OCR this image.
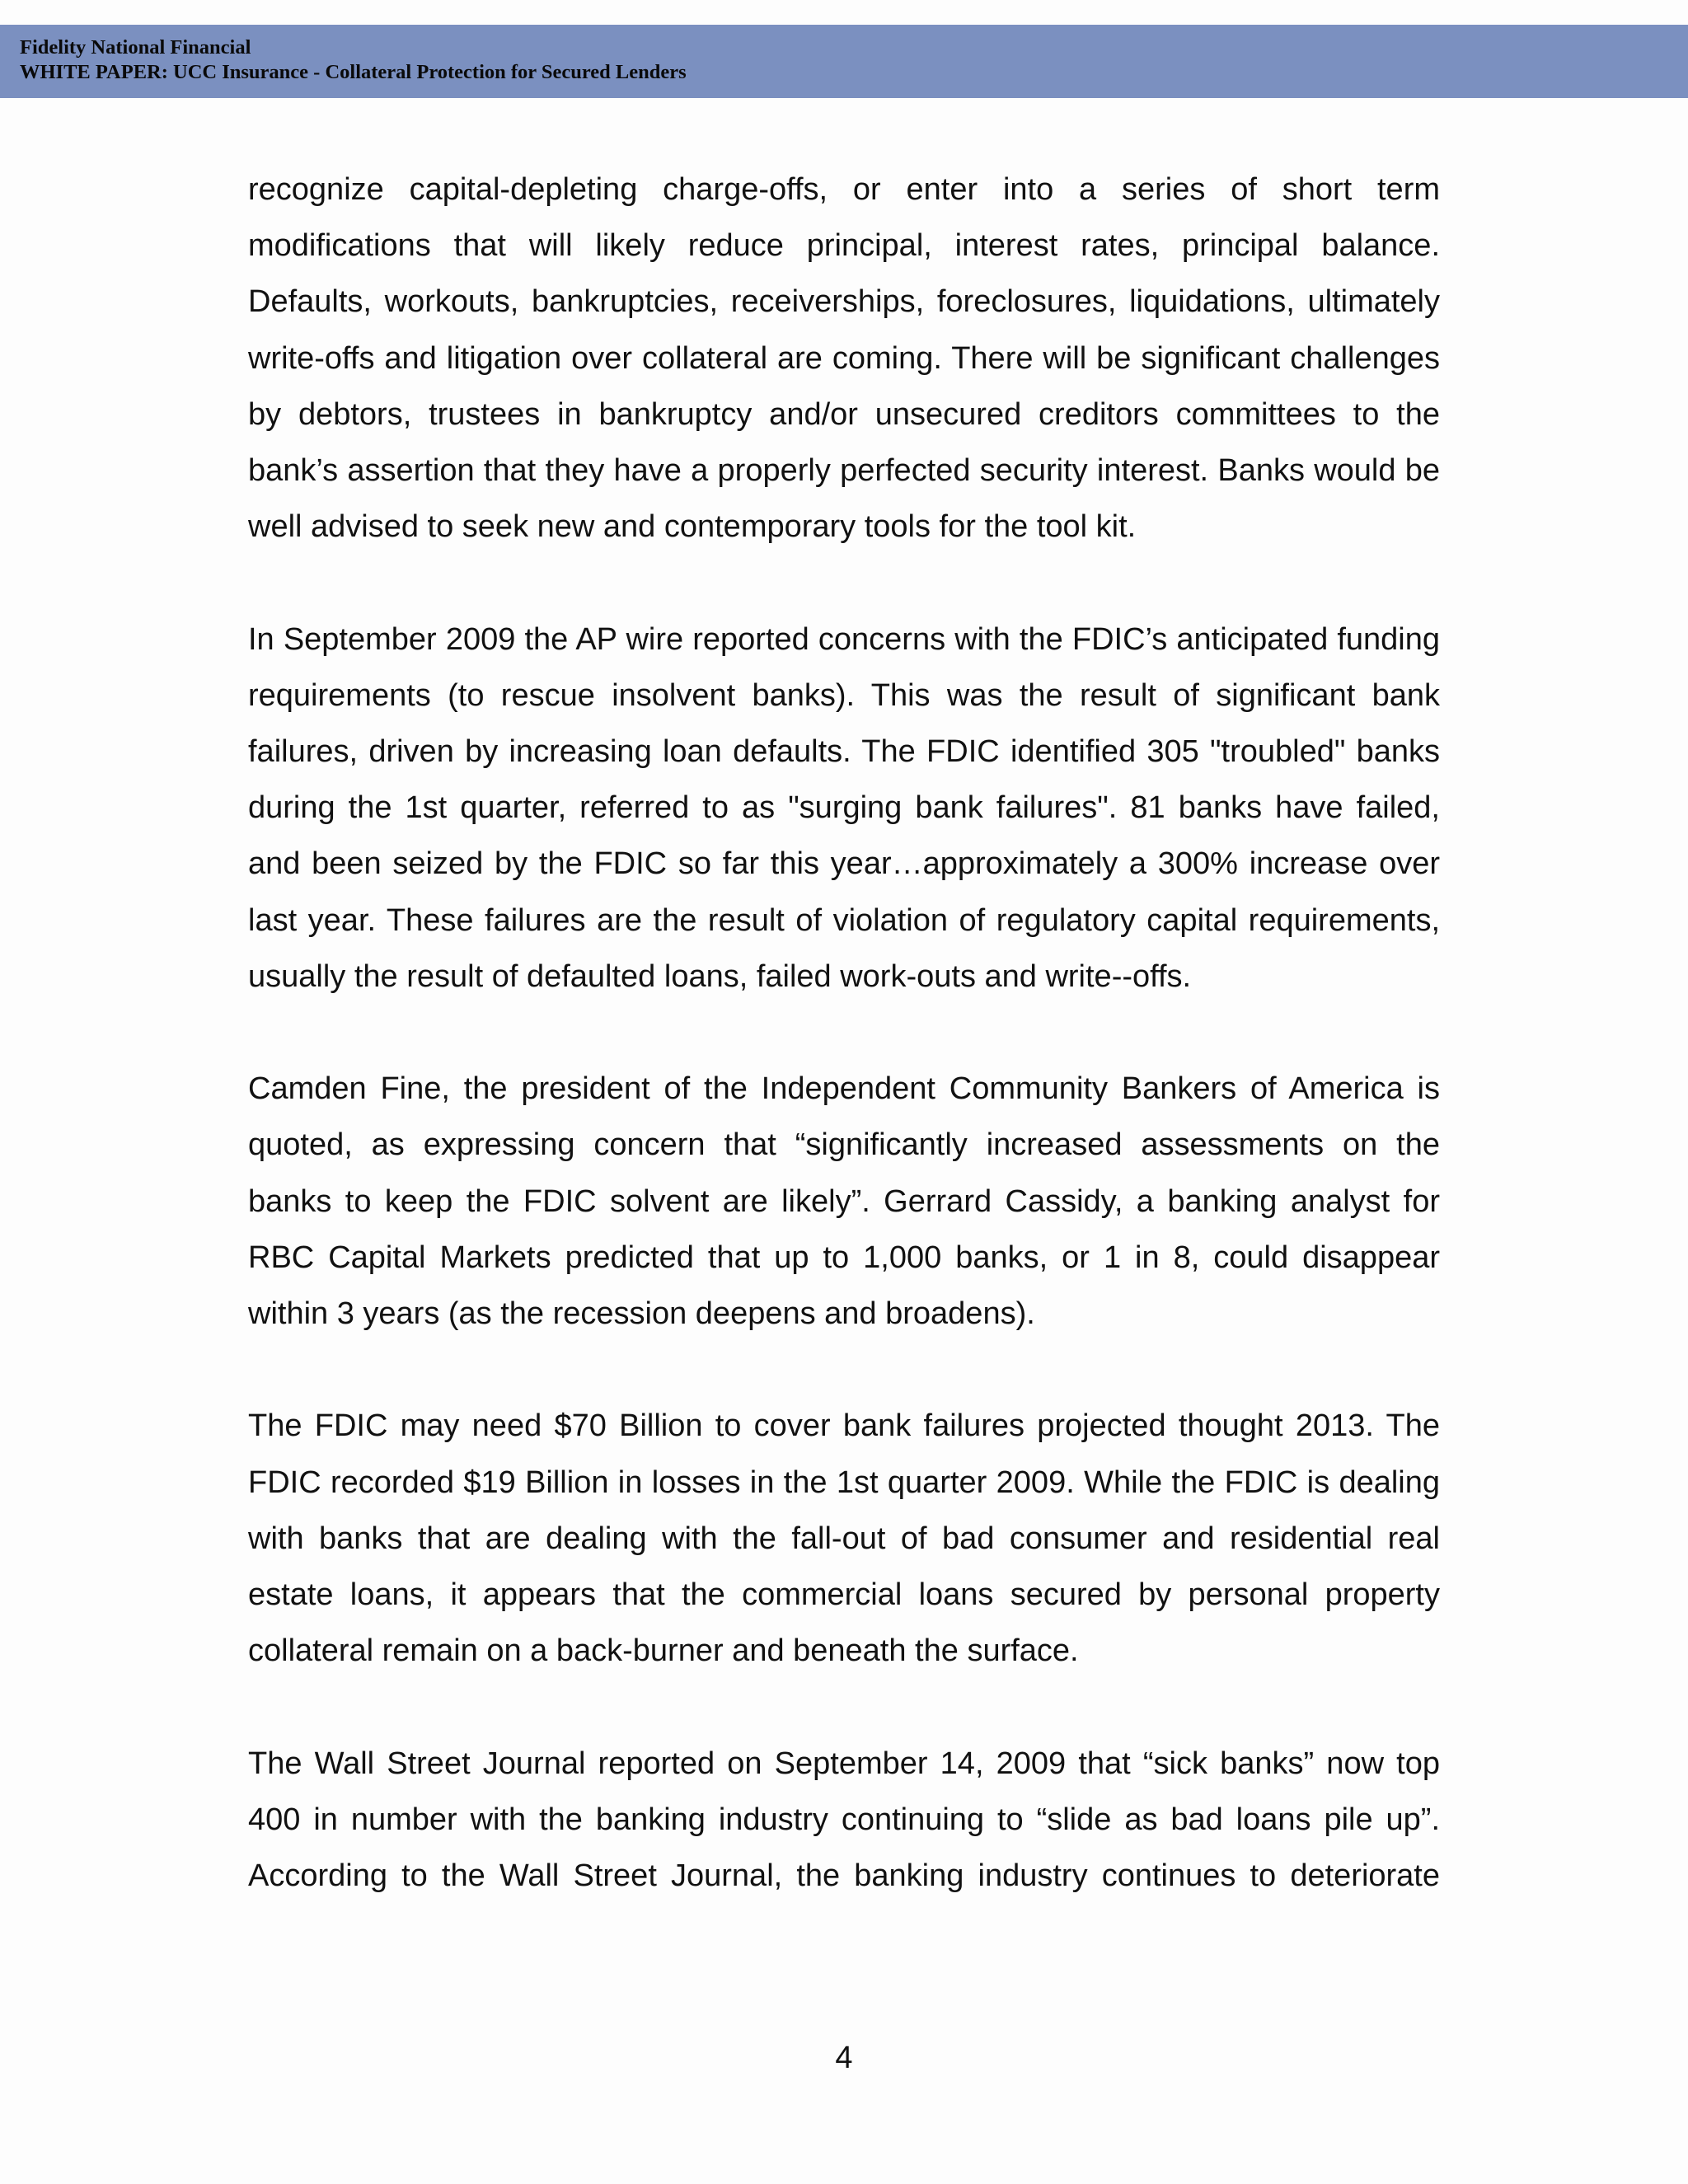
Fidelity National Financial
WHITE PAPER: UCC Insurance - Collateral Protection for Secured Lenders

recognize capital-depleting charge-offs, or enter into a series of short term modifications that will likely reduce principal, interest rates, principal balance. Defaults, workouts, bankruptcies, receiverships, foreclosures, liquidations, ultimately write-offs and litigation over collateral are coming. There will be significant challenges by debtors, trustees in bankruptcy and/or unsecured creditors committees to the bank’s assertion that they have a properly perfected security interest. Banks would be well advised to seek new and contemporary tools for the tool kit.

In September 2009 the AP wire reported concerns with the FDIC’s anticipated funding requirements (to rescue insolvent banks). This was the result of significant bank failures, driven by increasing loan defaults. The FDIC identified 305 "troubled" banks during the 1st quarter, referred to as "surging bank failures". 81 banks have failed, and been seized by the FDIC so far this year…approximately a 300% increase over last year. These failures are the result of violation of regulatory capital requirements, usually the result of defaulted loans, failed work-outs and write--offs.

Camden Fine, the president of the Independent Community Bankers of America is quoted, as expressing concern that “significantly increased assessments on the banks to keep the FDIC solvent are likely”. Gerrard Cassidy, a banking analyst for RBC Capital Markets predicted that up to 1,000 banks, or 1 in 8, could disappear within 3 years (as the recession deepens and broadens).

The FDIC may need $70 Billion to cover bank failures projected thought 2013. The FDIC recorded $19 Billion in losses in the 1st quarter 2009. While the FDIC is dealing with banks that are dealing with the fall-out of bad consumer and residential real estate loans, it appears that the commercial loans secured by personal property collateral remain on a back-burner and beneath the surface.

The Wall Street Journal reported on September 14, 2009 that “sick banks” now top 400 in number with the banking industry continuing to “slide as bad loans pile up”. According to the Wall Street Journal, the banking industry continues to deteriorate

4
